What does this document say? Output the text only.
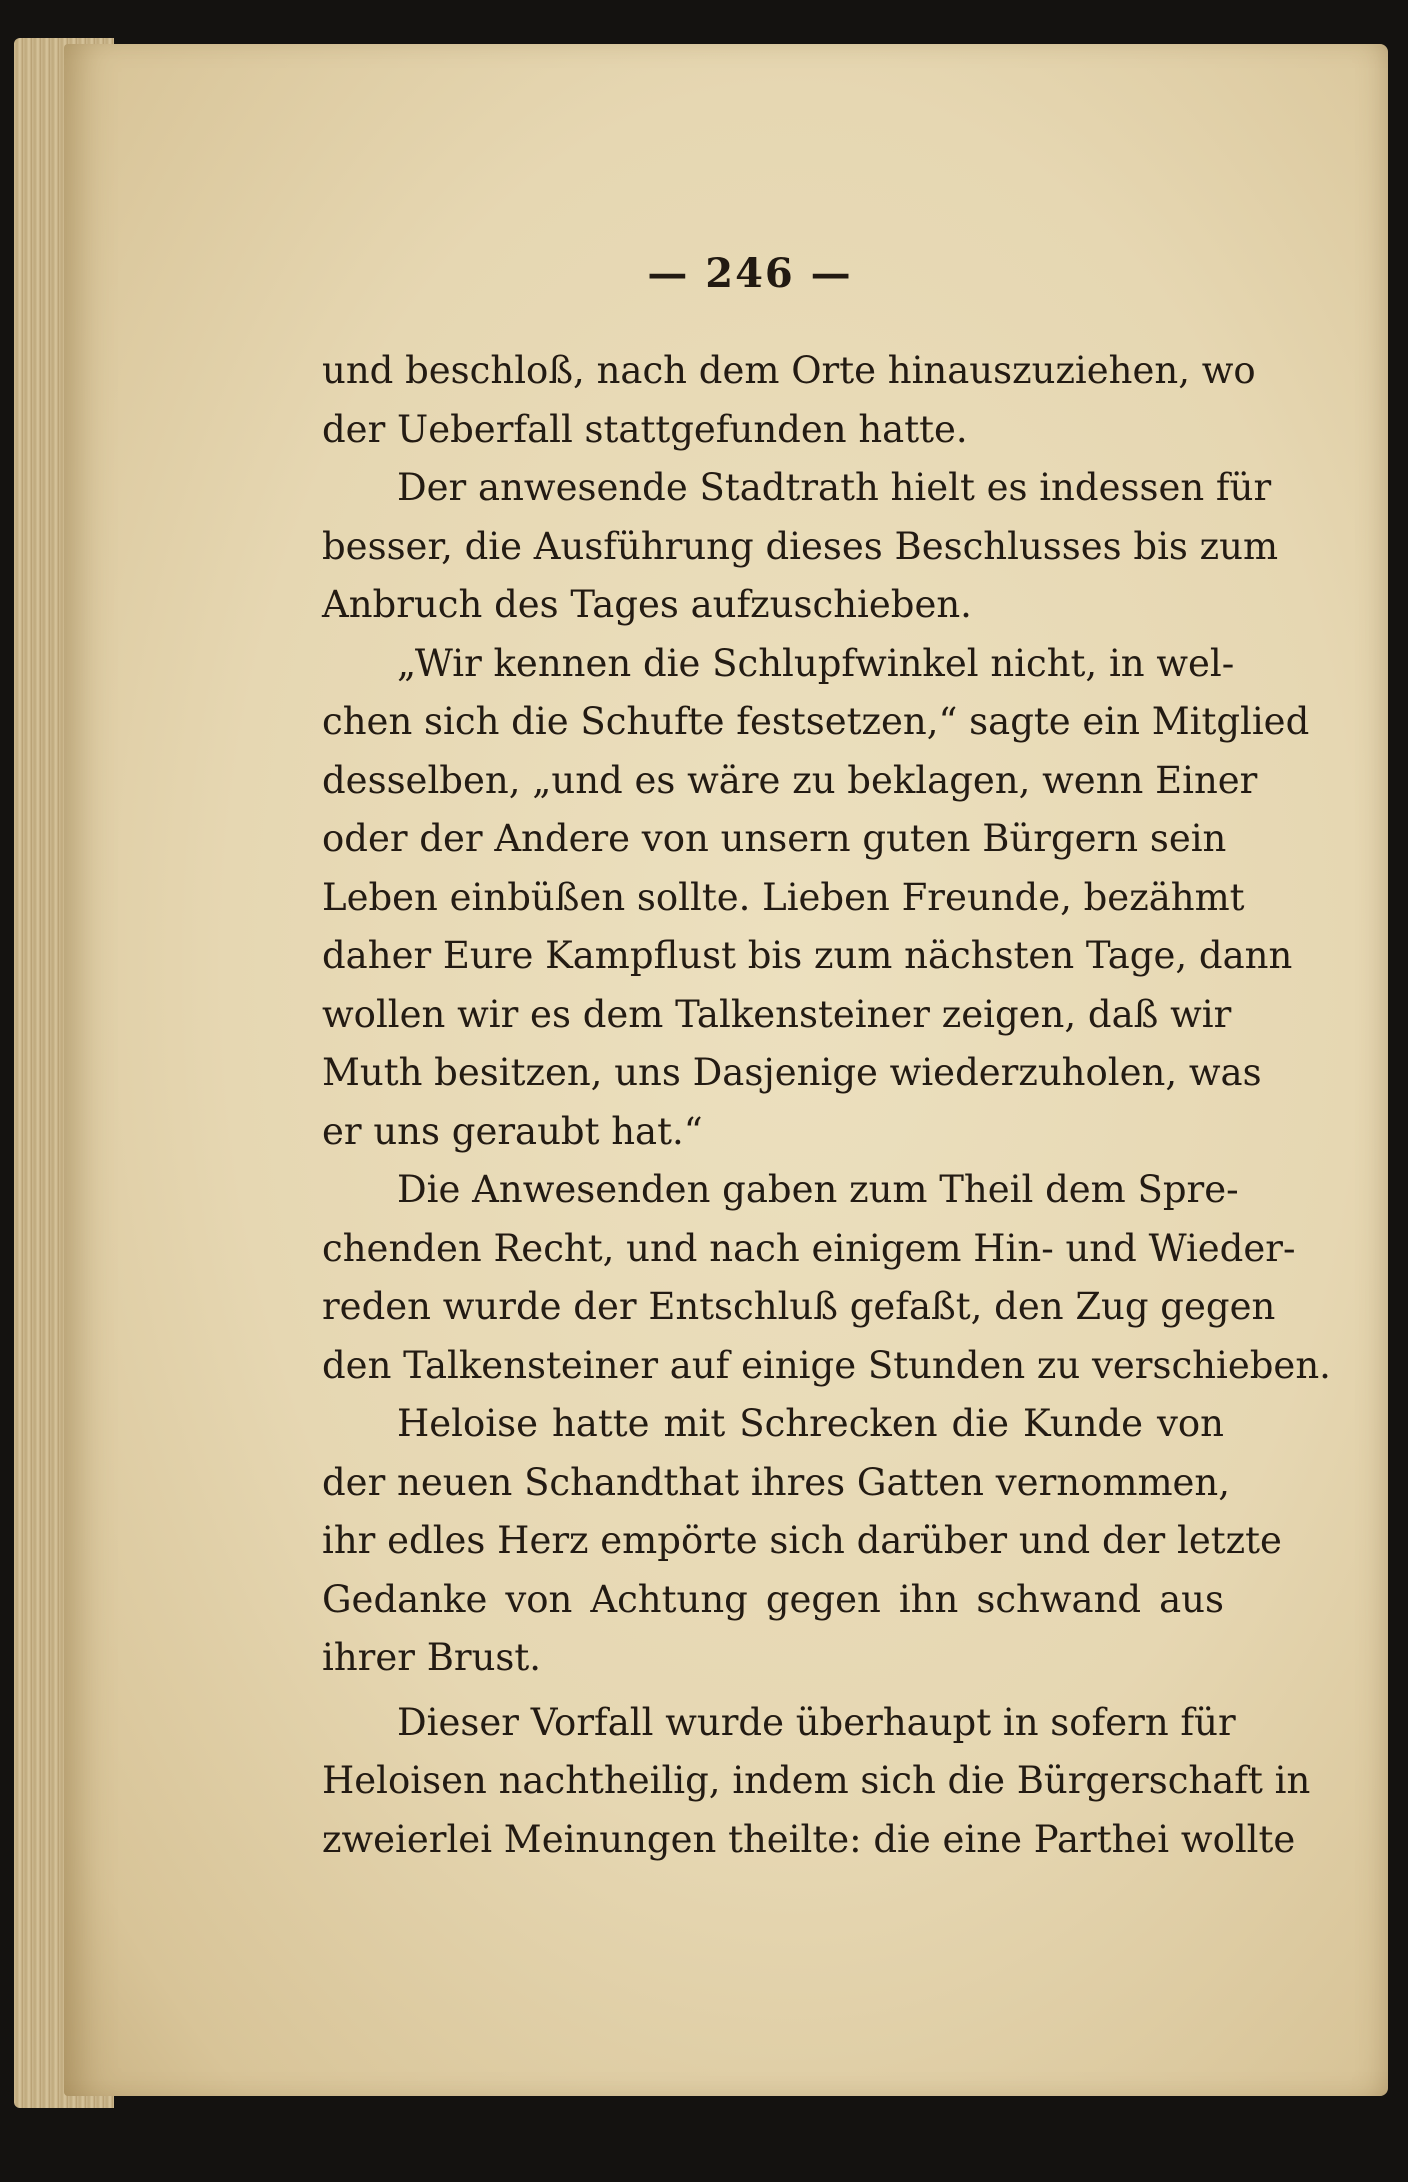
— 246 —
und beschloß, nach dem Orte hinauszuziehen, wo
der Ueberfall stattgefunden hatte.
Der anwesende Stadtrath hielt es indessen für
besser, die Ausführung dieses Beschlusses bis zum
Anbruch des Tages aufzuschieben.
„Wir kennen die Schlupfwinkel nicht, in wel-
chen sich die Schufte festsetzen,“ sagte ein Mitglied
desselben, „und es wäre zu beklagen, wenn Einer
oder der Andere von unsern guten Bürgern sein
Leben einbüßen sollte. Lieben Freunde, bezähmt
daher Eure Kampflust bis zum nächsten Tage, dann
wollen wir es dem Talkensteiner zeigen, daß wir
Muth besitzen, uns Dasjenige wiederzuholen, was
er uns geraubt hat.“
Die Anwesenden gaben zum Theil dem Spre-
chenden Recht, und nach einigem Hin- und Wieder-
reden wurde der Entschluß gefaßt, den Zug gegen
den Talkensteiner auf einige Stunden zu verschieben.
Heloise hatte mit Schrecken die Kunde von
der neuen Schandthat ihres Gatten vernommen,
ihr edles Herz empörte sich darüber und der letzte
Gedanke von Achtung gegen ihn schwand aus
ihrer Brust.
Dieser Vorfall wurde überhaupt in sofern für
Heloisen nachtheilig, indem sich die Bürgerschaft in
zweierlei Meinungen theilte: die eine Parthei wollte
